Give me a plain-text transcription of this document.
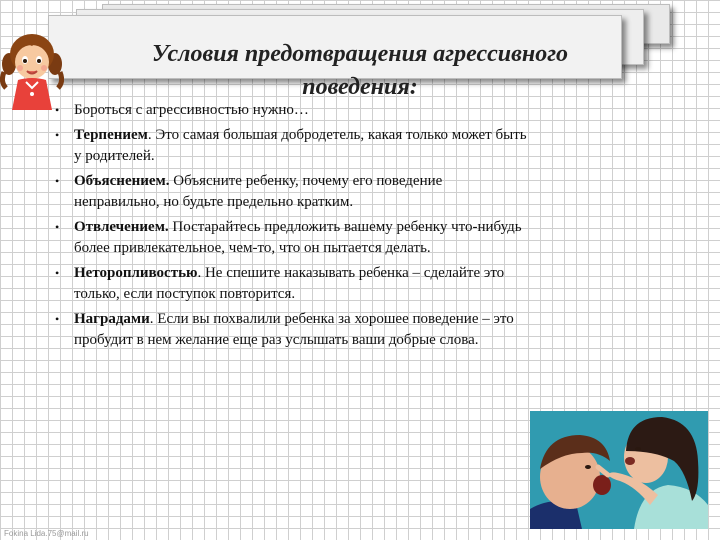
Условия предотвращения агрессивного
поведения:
• Бороться с агрессивностью нужно…
• Терпением. Это самая большая добродетель, какая только может быть
у родителей.
• Объяснением. Объясните ребенку, почему его поведение неправильно, но будьте предельно кратким.
• Отвлечением. Постарайтесь предложить вашему ребенку что-нибудь более привлекательное, чем-то, что он пытается делать.
• Неторопливостью. Не спешите наказывать ребенка – сделайте это только, если поступок повторится.
• Наградами. Если вы похвалили ребенка за хорошее поведение – это пробудит в нем желание еще раз услышать ваши добрые слова.
Fokina Lida.75@mail.ru
